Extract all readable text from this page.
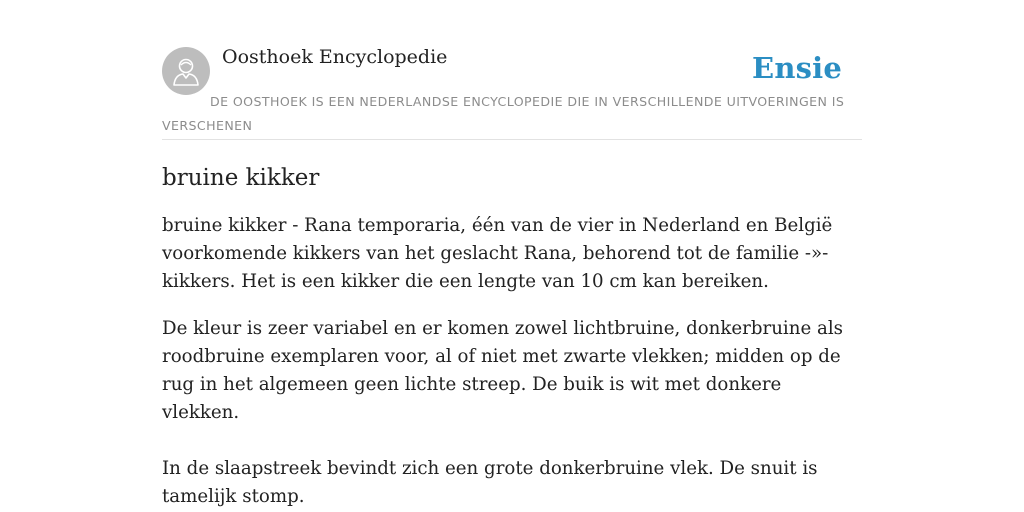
Oosthoek Encyclopedie	Ensie
DE OOSTHOEK IS EEN NEDERLANDSE ENCYCLOPEDIE DIE IN VERSCHILLENDE UITVOERINGEN IS VERSCHENEN
bruine kikker

bruine kikker - Rana temporaria, één van de vier in Nederland en België voorkomende kikkers van het geslacht Rana, behorend tot de familie -»-kikkers. Het is een kikker die een lengte van 10 cm kan bereiken.

De kleur is zeer variabel en er komen zowel lichtbruine, donkerbruine als roodbruine exemplaren voor, al of niet met zwarte vlekken; midden op de rug in het algemeen geen lichte streep. De buik is wit met donkere vlekken.

In de slaapstreek bevindt zich een grote donkerbruine vlek. De snuit is tamelijk stomp.
